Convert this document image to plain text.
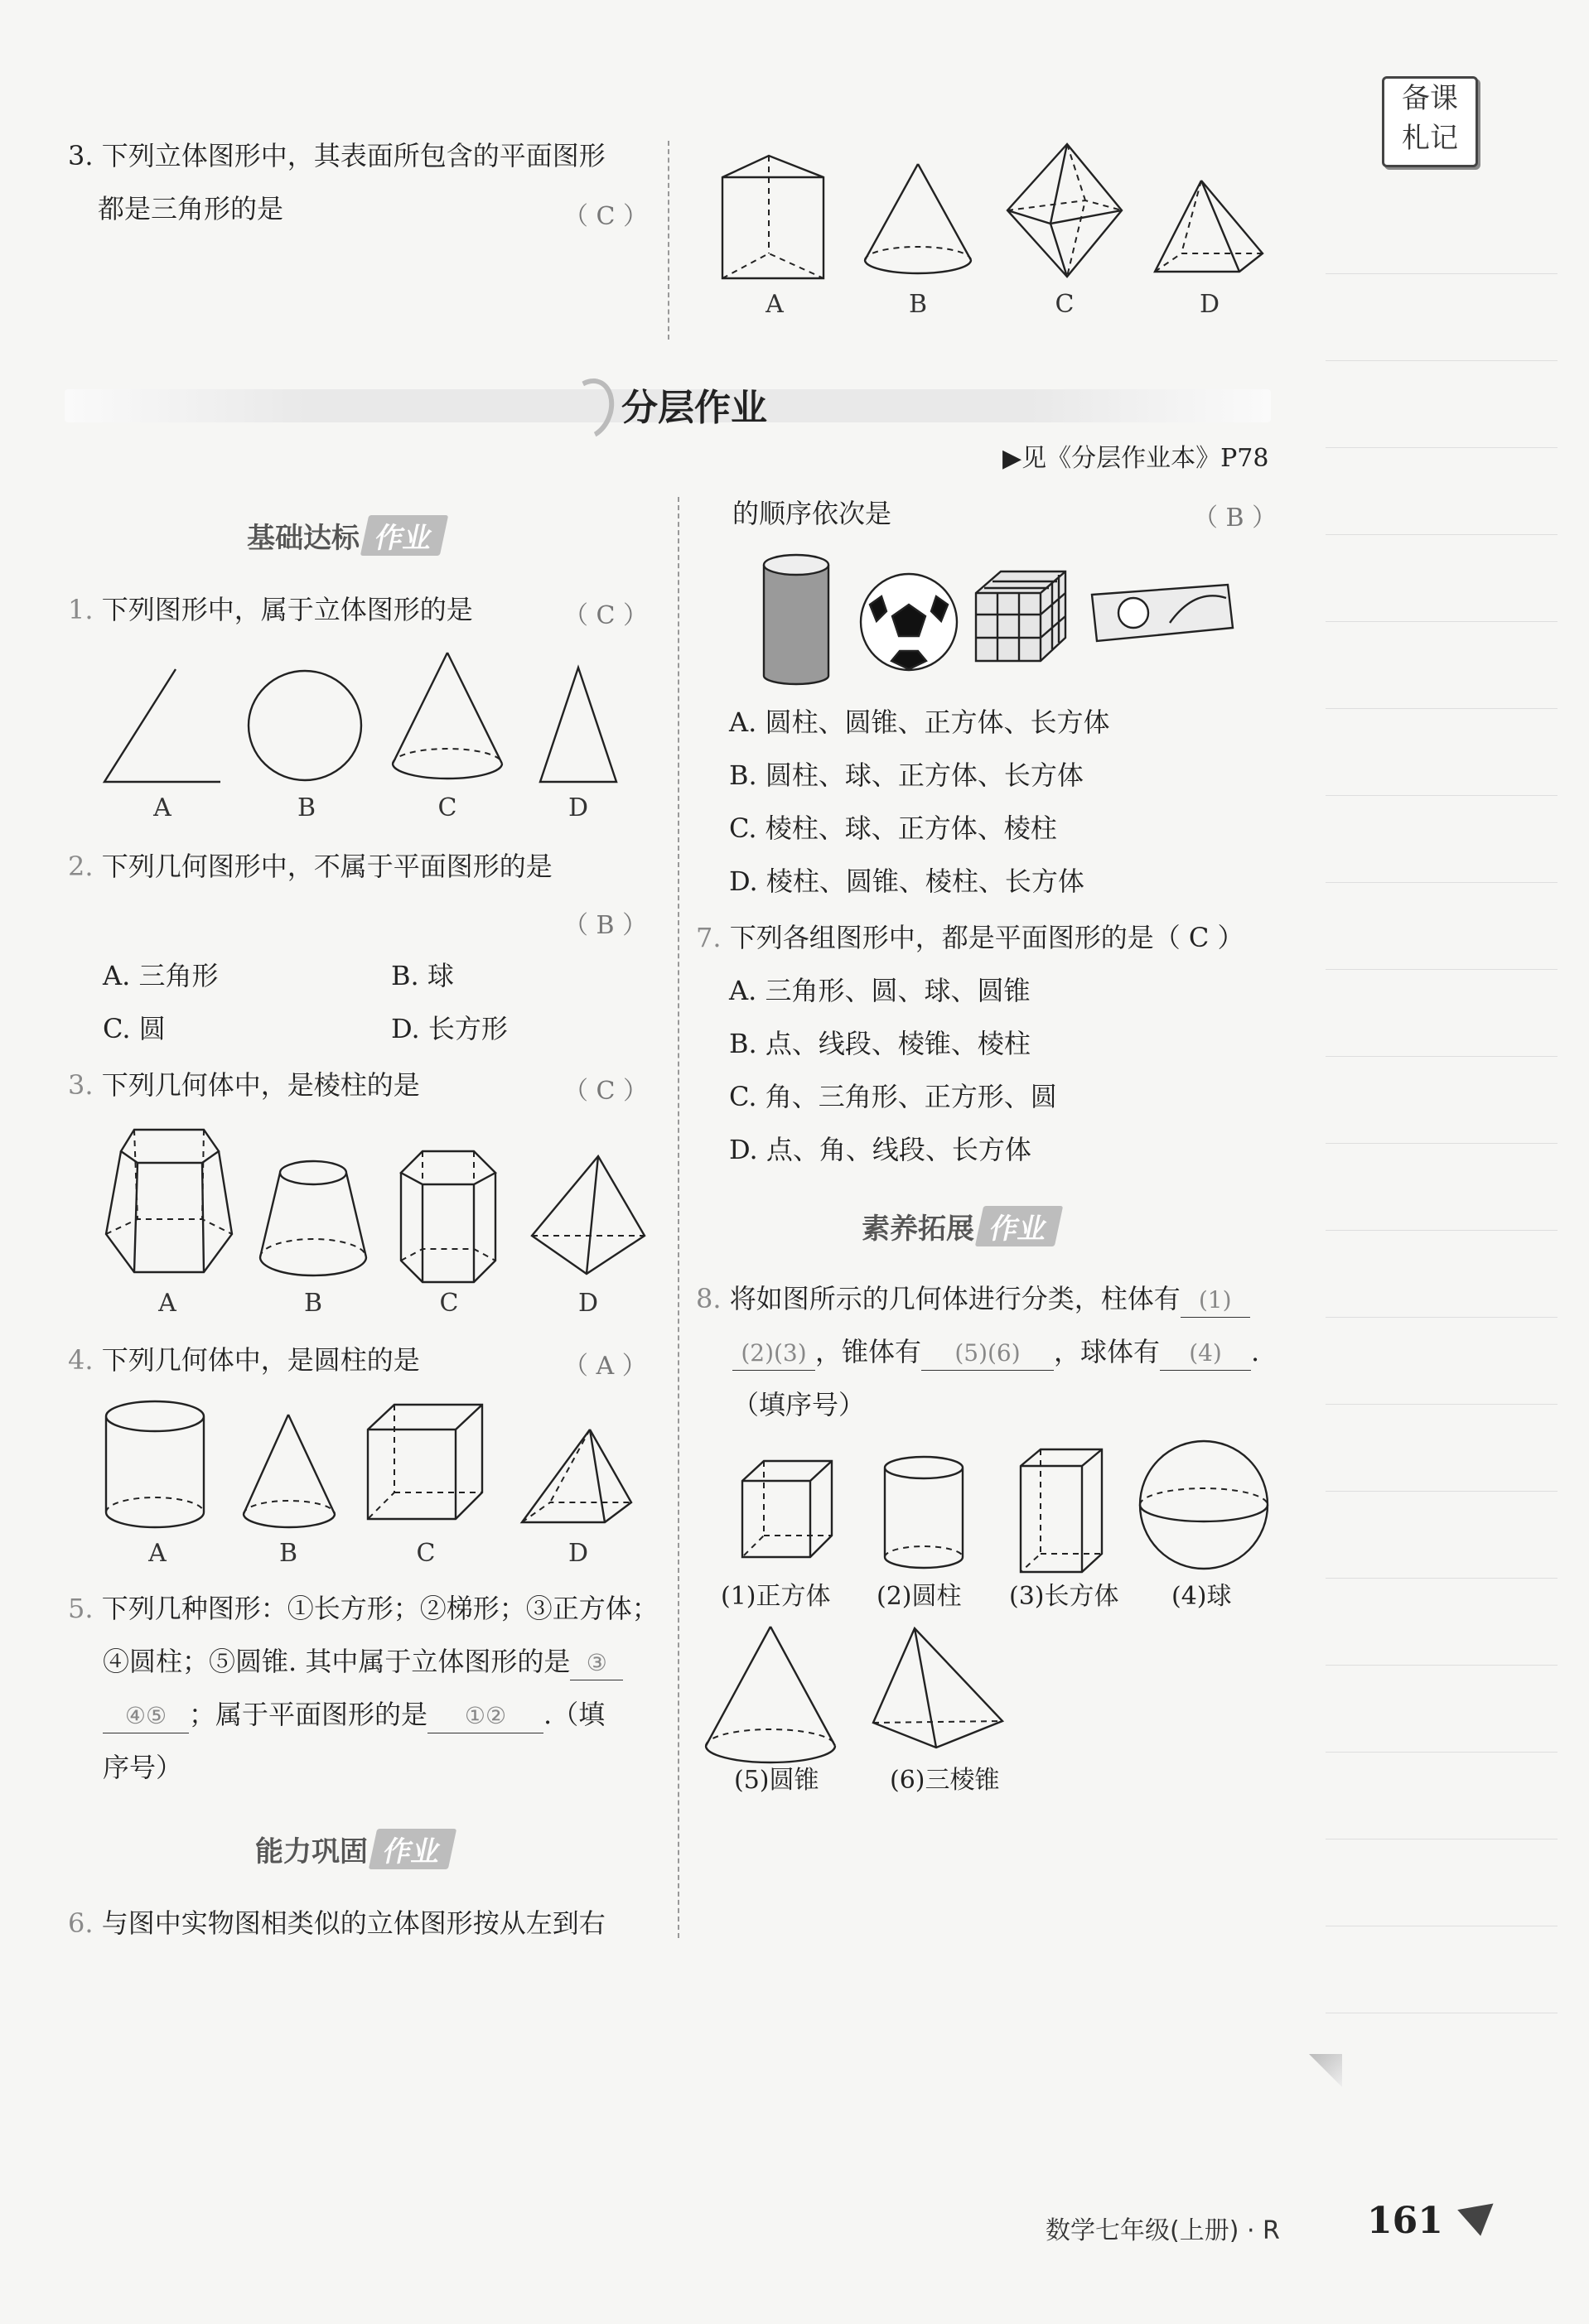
备课
札记
3. 下列立体图形中，其表面所包含的平面图形
都是三角形的是	（ C ）
A	B	C	D
分层作业
▶见《分层作业本》P78
基础达标 作业
1. 下列图形中，属于立体图形的是	（ C ）
A	B	C	D
2. 下列几何图形中，不属于平面图形的是
（ B ）
A. 三角形	B. 球
C. 圆	D. 长方形
3. 下列几何体中，是棱柱的是	（ C ）
A	B	C	D
4. 下列几何体中，是圆柱的是	（ A ）
A	B	C	D
5. 下列几种图形：①长方形；②梯形；③正方体；
④圆柱；⑤圆锥. 其中属于立体图形的是 ③
④⑤ ；属于平面图形的是 ①② .（填
序号）
能力巩固 作业
6. 与图中实物图相类似的立体图形按从左到右
的顺序依次是	（ B ）
A. 圆柱、圆锥、正方体、长方体
B. 圆柱、球、正方体、长方体
C. 棱柱、球、正方体、棱柱
D. 棱柱、圆锥、棱柱、长方体
7. 下列各组图形中，都是平面图形的是（ C ）
A. 三角形、圆、球、圆锥
B. 点、线段、棱锥、棱柱
C. 角、三角形、正方形、圆
D. 点、角、线段、长方体
素养拓展 作业
8. 将如图所示的几何体进行分类，柱体有 (1)
(2)(3) ，锥体有 (5)(6) ，球体有 (4) .
（填序号）
(1)正方体 (2)圆柱 (3)长方体 (4)球
(5)圆锥	(6)三棱锥
数学七年级(上册) · R 161
